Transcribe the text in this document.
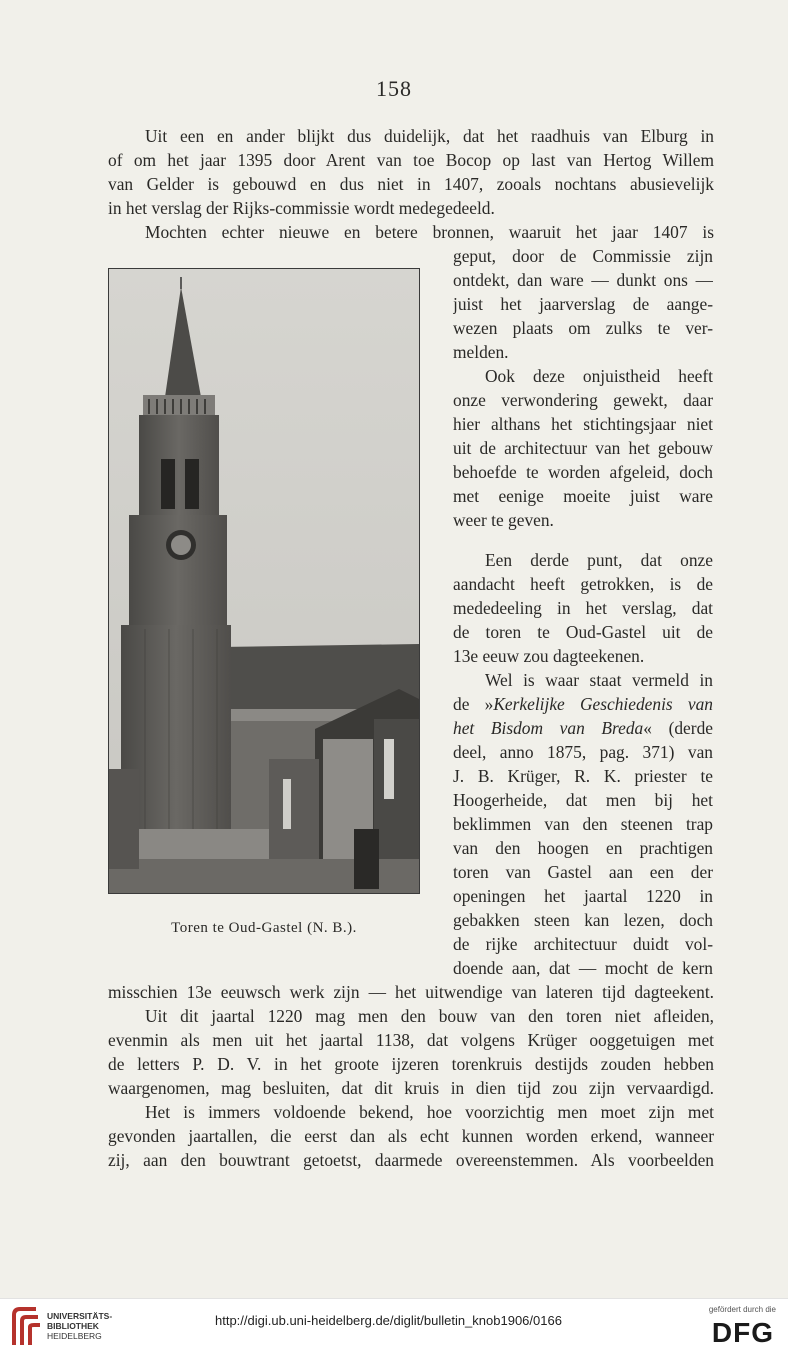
158
Uit een en ander blijkt dus duidelijk, dat het raadhuis van Elburg in
of om het jaar 1395 door Arent van toe Bocop op last van Hertog Willem
van Gelder is gebouwd en dus niet in 1407, zooals nochtans abusievelijk
in het verslag der Rijks-commissie wordt medegedeeld.
Mochten echter nieuwe en betere bronnen, waaruit het jaar 1407 is
geput, door de Commissie zijn
ontdekt, dan ware — dunkt ons —
juist het jaarverslag de aange-
wezen plaats om zulks te ver-
melden.
Ook deze onjuistheid heeft
onze verwondering gewekt, daar
hier althans het stichtingsjaar niet
uit de architectuur van het gebouw
behoefde te worden afgeleid, doch
met eenige moeite juist ware
weer te geven.
Een derde punt, dat onze
aandacht heeft getrokken, is de
mededeeling in het verslag, dat
de toren te Oud-Gastel uit de
13e eeuw zou dagteekenen.
Wel is waar staat vermeld in
de »Kerkelijke Geschiedenis van
het Bisdom van Breda« (derde
deel, anno 1875, pag. 371) van
J. B. Krüger, R. K. priester te
Hoogerheide, dat men bij het
beklimmen van den steenen trap
van den hoogen en prachtigen
toren van Gastel aan een der
openingen het jaartal 1220 in
gebakken steen kan lezen, doch
de rijke architectuur duidt vol-
doende aan, dat — mocht de kern
misschien 13e eeuwsch werk zijn — het uitwendige van lateren tijd dagteekent.
Uit dit jaartal 1220 mag men den bouw van den toren niet afleiden,
evenmin als men uit het jaartal 1138, dat volgens Krüger ooggetuigen met
de letters P. D. V. in het groote ijzeren torenkruis destijds zouden hebben
waargenomen, mag besluiten, dat dit kruis in dien tijd zou zijn vervaardigd.
Het is immers voldoende bekend, hoe voorzichtig men moet zijn met
gevonden jaartallen, die eerst dan als echt kunnen worden erkend, wanneer
zij, aan den bouwtrant getoetst, daarmede overeenstemmen. Als voorbeelden
Toren te Oud-Gastel (N. B.).
UNIVERSITÄTS-
BIBLIOTHEK
HEIDELBERG
http://digi.ub.uni-heidelberg.de/diglit/bulletin_knob1906/0166
gefördert durch die
DFG
